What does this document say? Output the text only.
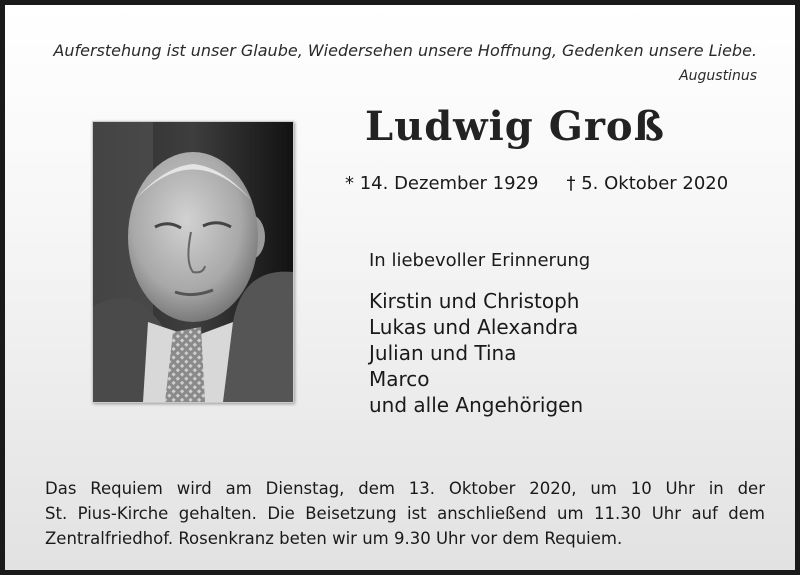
Auferstehung ist unser Glaube, Wiedersehen unsere Hoffnung, Gedenken unsere Liebe.
Augustinus
Ludwig Groß
* 14. Dezember 1929 † 5. Oktober 2020
In liebevoller Erinnerung
Kirstin und Christoph
Lukas und Alexandra
Julian und Tina
Marco
und alle Angehörigen
Das Requiem wird am Dienstag, dem 13. Oktober 2020, um 10 Uhr in der
St. Pius-Kirche gehalten. Die Beisetzung ist anschließend um 11.30 Uhr auf dem
Zentralfriedhof. Rosenkranz beten wir um 9.30 Uhr vor dem Requiem.
